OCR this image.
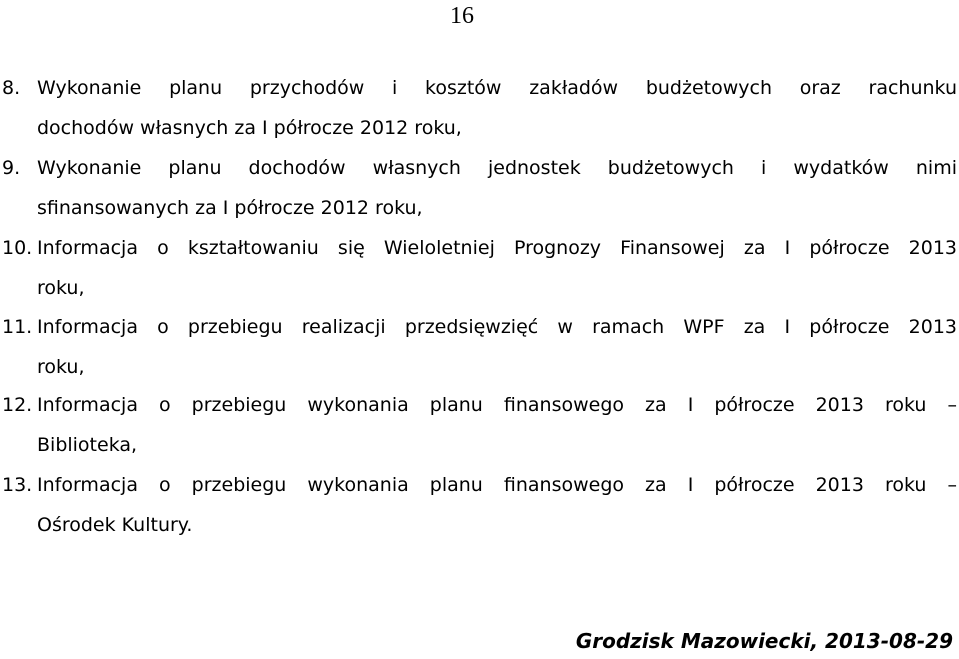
16
8. Wykonanie planu przychodów i kosztów zakładów budżetowych oraz rachunku
dochodów własnych za I półrocze 2012 roku,
9. Wykonanie planu dochodów własnych jednostek budżetowych i wydatków nimi
sfinansowanych za I półrocze 2012 roku,
10. Informacja o kształtowaniu się Wieloletniej Prognozy Finansowej za I półrocze 2013
roku,
11. Informacja o przebiegu realizacji przedsięwzięć w ramach WPF za I półrocze 2013
roku,
12. Informacja o przebiegu wykonania planu finansowego za I półrocze 2013 roku –
Biblioteka,
13. Informacja o przebiegu wykonania planu finansowego za I półrocze 2013 roku –
Ośrodek Kultury.
Grodzisk Mazowiecki, 2013-08-29
